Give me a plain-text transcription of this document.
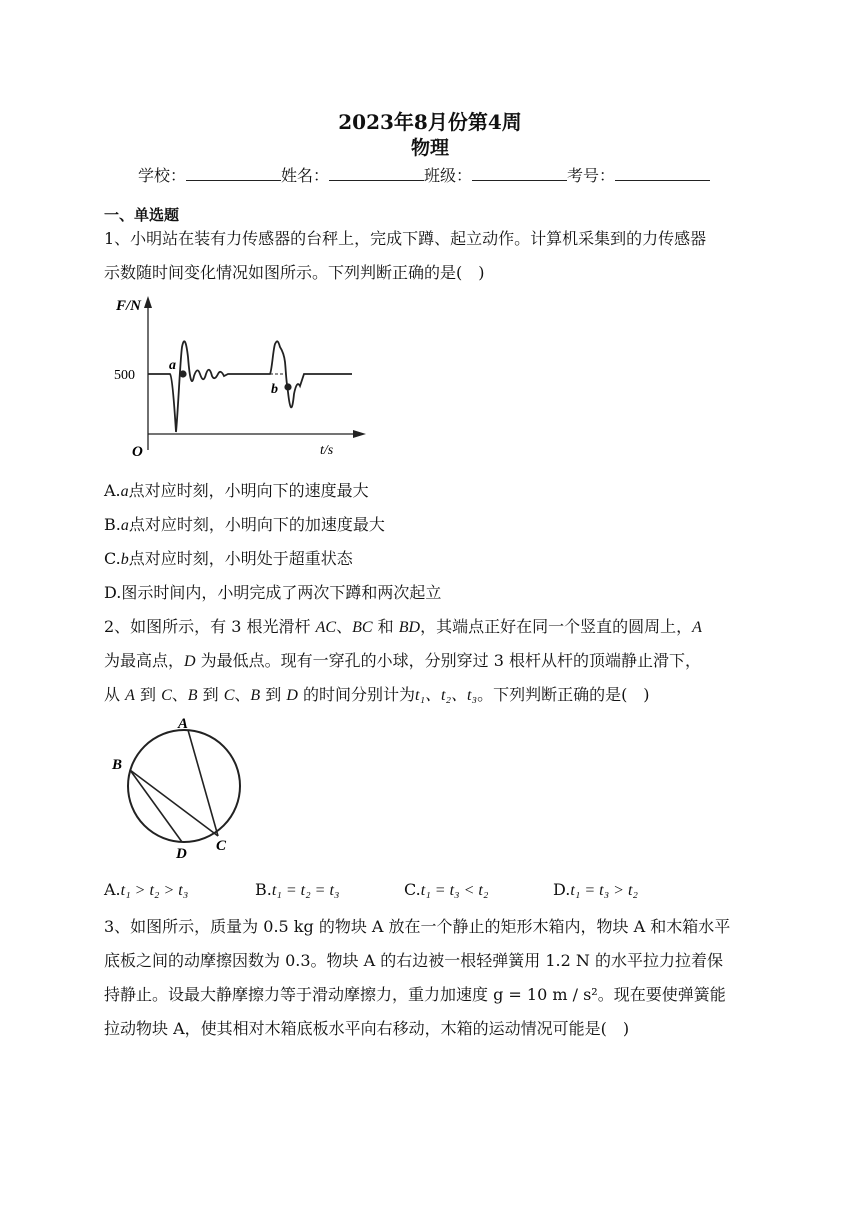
2023年8月份第4周
物理
学校：	姓名：	班级：	考号：
一、单选题
1、小明站在装有力传感器的台秤上，完成下蹲、起立动作。计算机采集到的力传感器
示数随时间变化情况如图所示。下列判断正确的是( )
F/N
t/s
O
500
a
b
A.a点对应时刻，小明向下的速度最大
B.a点对应时刻，小明向下的加速度最大
C.b点对应时刻，小明处于超重状态
D.图示时间内，小明完成了两次下蹲和两次起立
2、如图所示，有 3 根光滑杆 AC、BC 和 BD，其端点正好在同一个竖直的圆周上，A
为最高点，D 为最低点。现有一穿孔的小球，分别穿过 3 根杆从杆的顶端静止滑下，
从 A 到 C、B 到 C、B 到 D 的时间分别计为t₁、t₂、t₃。下列判断正确的是( )
A
B
C
D
A.t₁ > t₂ > t₃	B.t₁ = t₂ = t₃	C.t₁ = t₃ < t₂	D.t₁ = t₃ > t₂
3、如图所示，质量为 0.5 kg 的物块 A 放在一个静止的矩形木箱内，物块 A 和木箱水平
底板之间的动摩擦因数为 0.3。物块 A 的右边被一根轻弹簧用 1.2 N 的水平拉力拉着保
持静止。设最大静摩擦力等于滑动摩擦力，重力加速度 g = 10 m / s²。现在要使弹簧能
拉动物块 A，使其相对木箱底板水平向右移动，木箱的运动情况可能是( )
